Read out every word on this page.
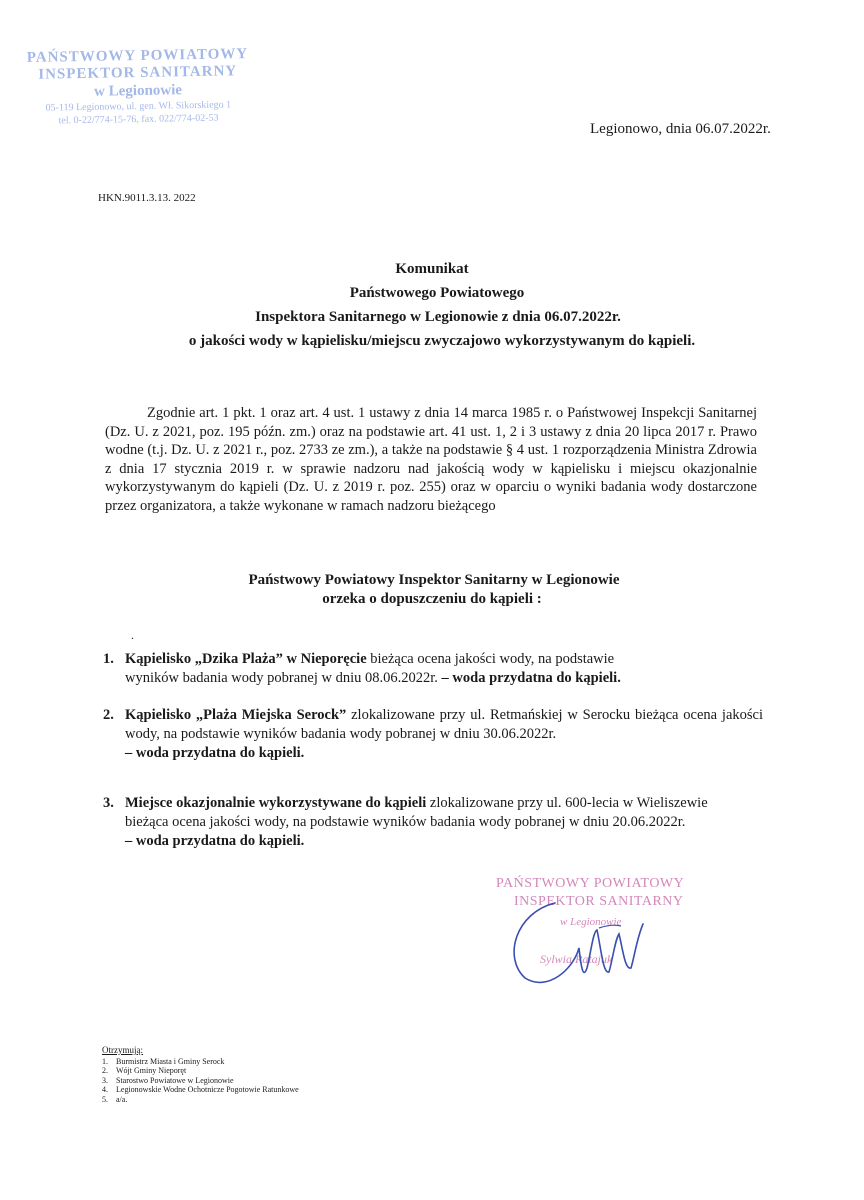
PAŃSTWOWY POWIATOWY
INSPEKTOR SANITARNY
w Legionowie
05-119 Legionowo, ul. gen. Wł. Sikorskiego 1
tel. 0-22/774-15-76, fax. 022/774-02-53
Legionowo, dnia 06.07.2022r.
HKN.9011.3.13. 2022
Komunikat
Państwowego Powiatowego
Inspektora Sanitarnego w Legionowie z dnia 06.07.2022r.
o jakości wody w kąpielisku/miejscu zwyczajowo wykorzystywanym do kąpieli.

Zgodnie art. 1 pkt. 1 oraz art. 4 ust. 1 ustawy z dnia 14 marca 1985 r. o Państwowej Inspekcji Sanitarnej (Dz. U. z 2021, poz. 195 późn. zm.) oraz na podstawie art. 41 ust. 1, 2 i 3 ustawy z dnia 20 lipca 2017 r. Prawo wodne (t.j. Dz. U. z 2021 r., poz. 2733 ze zm.), a także na podstawie § 4 ust. 1 rozporządzenia Ministra Zdrowia z dnia 17 stycznia 2019 r. w sprawie nadzoru nad jakością wody w kąpielisku i miejscu okazjonalnie wykorzystywanym do kąpieli (Dz. U. z 2019 r. poz. 255) oraz w oparciu o wyniki badania wody dostarczone przez organizatora, a także wykonane w ramach nadzoru bieżącego

Państwowy Powiatowy Inspektor Sanitarny w Legionowie
orzeka o dopuszczeniu do kąpieli :
.
1. Kąpielisko „Dzika Plaża” w Nieporęcie bieżąca ocena jakości wody, na podstawie
wyników badania wody pobranej w dniu 08.06.2022r. – woda przydatna do kąpieli.
2. Kąpielisko „Plaża Miejska Serock” zlokalizowane przy ul. Retmańskiej w Serocku bieżąca ocena jakości wody, na podstawie wyników badania wody pobranej w dniu 30.06.2022r.
– woda przydatna do kąpieli.
3. Miejsce okazjonalnie wykorzystywane do kąpieli zlokalizowane przy ul. 600-lecia w Wieliszewie
bieżąca ocena jakości wody, na podstawie wyników badania wody pobranej w dniu 20.06.2022r.
– woda przydatna do kąpieli.
PAŃSTWOWY POWIATOWY
INSPEKTOR SANITARNY
w Legionowie
Sylwia Ratajuk
Otrzymują:
1. Burmistrz Miasta i Gminy Serock
2. Wójt Gminy Nieporęt
3. Starostwo Powiatowe w Legionowie
4. Legionowskie Wodne Ochotnicze Pogotowie Ratunkowe
5. a/a.
